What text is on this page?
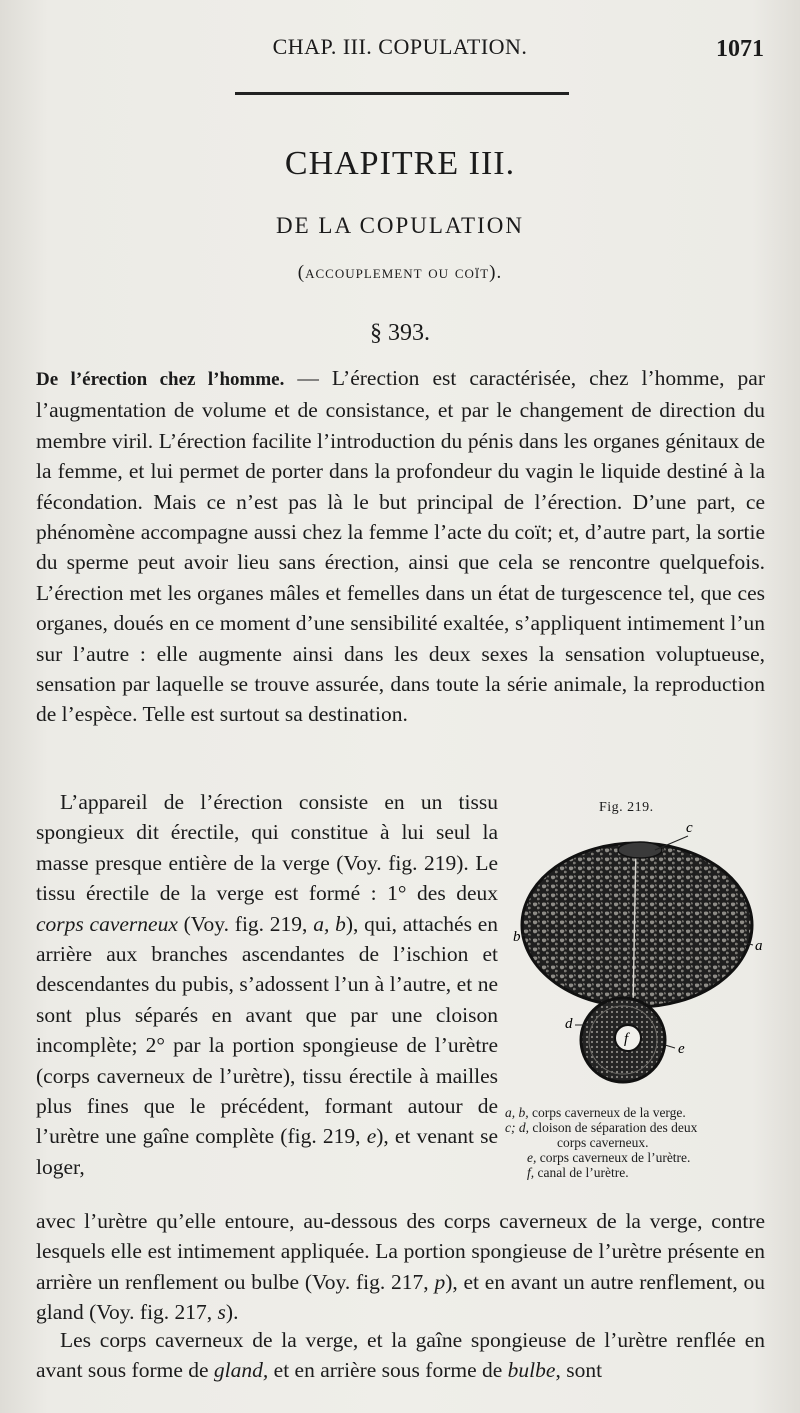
CHAP. III. COPULATION.	1071
CHAPITRE III.
DE LA COPULATION
(accouplement ou coït).
§ 393.
De l’érection chez l’homme. — L’érection est caractérisée, chez l’homme, par l’augmentation de volume et de consistance, et par le changement de direction du membre viril. L’érection facilite l’introduction du pénis dans les organes génitaux de la femme, et lui permet de porter dans la profondeur du vagin le liquide destiné à la fécondation. Mais ce n’est pas là le but principal de l’érection. D’une part, ce phénomène accompagne aussi chez la femme l’acte du coït; et, d’autre part, la sortie du sperme peut avoir lieu sans érection, ainsi que cela se rencontre quelquefois. L’érection met les organes mâles et femelles dans un état de turgescence tel, que ces organes, doués en ce moment d’une sensibilité exaltée, s’appliquent intimement l’un sur l’autre : elle augmente ainsi dans les deux sexes la sensation voluptueuse, sensation par laquelle se trouve assurée, dans toute la série animale, la reproduction de l’espèce. Telle est surtout sa destination.
L’appareil de l’érection consiste en un tissu spongieux dit érectile, qui constitue à lui seul la masse presque entière de la verge (Voy. fig. 219). Le tissu érectile de la verge est formé : 1° des deux corps caverneux (Voy. fig. 219, a, b), qui, attachés en arrière aux branches ascendantes de l’ischion et descendantes du pubis, s’adossent l’un à l’autre, et ne sont plus séparés en avant que par une cloison incomplète; 2° par la portion spongieuse de l’urètre (corps caverneux de l’urètre), tissu érectile à mailles plus fines que le précédent, formant autour de l’urètre une gaîne complète (fig. 219, e), et venant se loger,
avec l’urètre qu’elle entoure, au-dessous des corps caverneux de la verge, contre lesquels elle est intimement appliquée. La portion spongieuse de l’urètre présente en arrière un renflement ou bulbe (Voy. fig. 217, p), et en avant un autre renflement, ou gland (Voy. fig. 217, s).
Les corps caverneux de la verge, et la gaîne spongieuse de l’urètre renflée en avant sous forme de gland, et en arrière sous forme de bulbe, sont
Fig. 219.
c
b
a
d
f
e
a, b, corps caverneux de la verge.
c; d, cloison de séparation des deux
corps caverneux.
e, corps caverneux de l’urètre.
f, canal de l’urètre.
